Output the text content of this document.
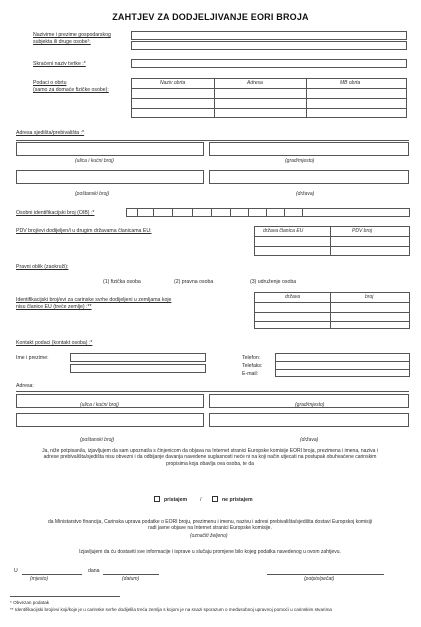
ZAHTJEV ZA DODJELJIVANJE EORI BROJA
Nazivime i prezime gospodarskog
subjekta ili druge osobe¹:
Skraćeni naziv tvrtke :*
Podaci o obrtu
(samo za domaće fizičke osobe):
Naziv obrta	Adresa	MB obrta
Adresa sjedišta/prebivališta :*
(ulica i kućni broj)	(grad/mjesto)
(poštanski broj)	(država)
Osobni identifikacijski broj (OIB) :*
PDV broj/evi dodijeljen/i u drugim državama članicama EU:	država članica EU	PDV broj
Pravni oblik (zaokruži):
(1) fizička osoba	(2) pravna osoba	(3) udruženje osoba
Identifikacijski broj/evi za carinske svrhe dodijeljeni u zemljama koje
nisu članice EU (treće zemlje) :**
država	broj
Kontakt podaci (kontakt osoba) :*
Ime i prezime:	Telefon:
Telefaks:
E-mail:
Adresa:
(ulica i kućni broj)	(grad/mjesto)
(poštanski broj)	(država)
Ja, niže potpisani/a, izjavljujem da sam upoznat/a s činjenicom da objava na Internet stranici Europske komisije EORI broja, prezimena i imena, naziva i adrese prebivališta/sjedišta nisu obvezni i da odbijanje davanja navedene suglasnosti neće ni na koji način utjecati na postupak obuhvaćene carinskim propisima koja obavlja ova osoba, te da
pristajem /	ne pristajem
da Ministarstvo financija, Carinska uprava podatke o EORI broju, prezimenu i imenu, nazivu i adresi prebivališta/sjedišta dostavi Europskoj komisiji radi javne objave na Internet stranici Europske komisije.
(označiti željeno)
Izjavljujem da ću dostaviti sve informacije i isprave u slučaju promjene bilo kojeg podatka navedenog u ovom zahtjevu.
U	dana
(mjesto)	(datum)	(potpis/pečat)
* Obvezan podatak
** Identifikacijski broj/evi koji/koje je u carinske svrhe dodijelila treća zemlja s kojom je na snazi sporazum o međusobnoj upravnoj pomoći u carinskim stvarima
